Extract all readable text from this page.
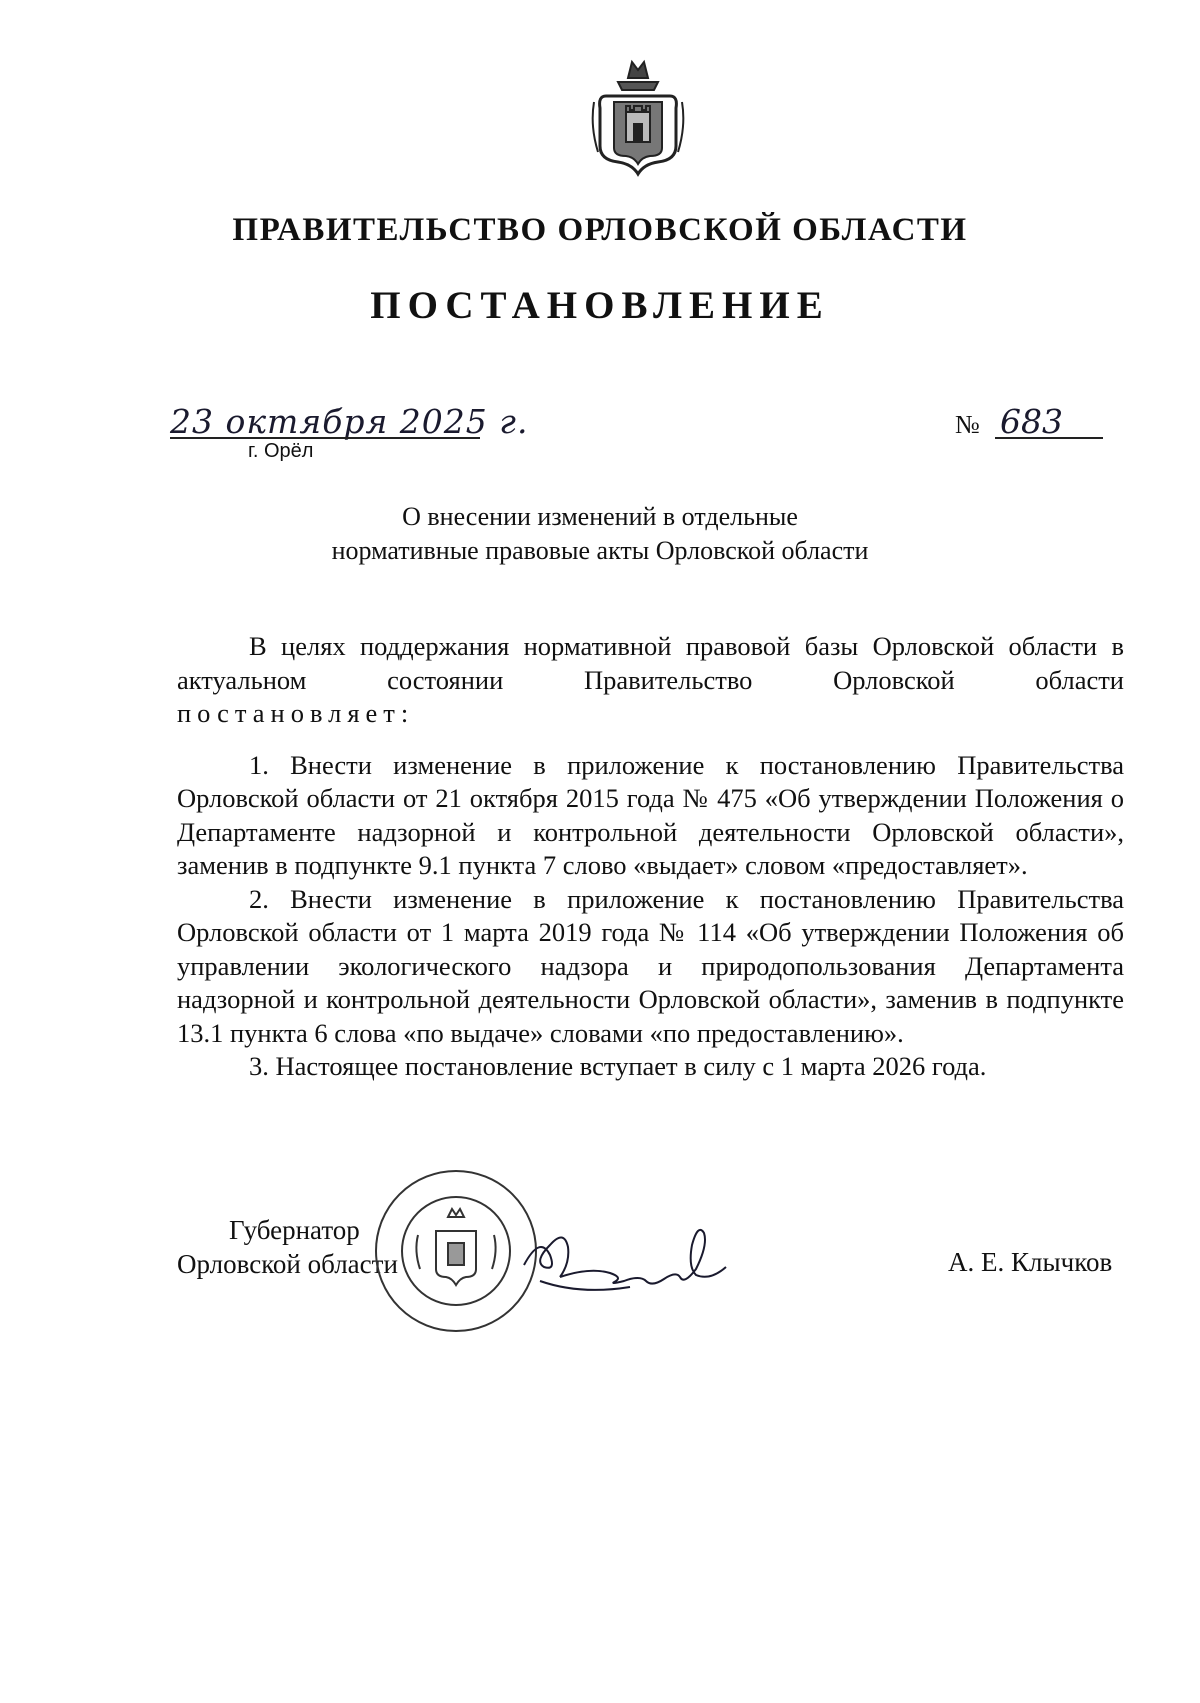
ПРАВИТЕЛЬСТВО ОРЛОВСКОЙ ОБЛАСТИ
ПОСТАНОВЛЕНИЕ
23 октября 2025 г.
г. Орёл
№ 683
О внесении изменений в отдельные
нормативные правовые акты Орловской области

В целях поддержания нормативной правовой базы Орловской области в актуальном состоянии Правительство Орловской области

постановляет:

1. Внести изменение в приложение к постановлению Правительства Орловской области от 21 октября 2015 года № 475 «Об утверждении Положения о Департаменте надзорной и контрольной деятельности Орловской области», заменив в подпункте 9.1 пункта 7 слово «выдает» словом «предоставляет».

2. Внести изменение в приложение к постановлению Правительства Орловской области от 1 марта 2019 года № 114 «Об утверждении Положения об управлении экологического надзора и природопользования Департамента надзорной и контрольной деятельности Орловской области», заменив в подпункте 13.1 пункта 6 слова «по выдаче» словами «по предоставлению».

3. Настоящее постановление вступает в силу с 1 марта 2026 года.

Губернатор
Орловской области	А. Е. Клычков
